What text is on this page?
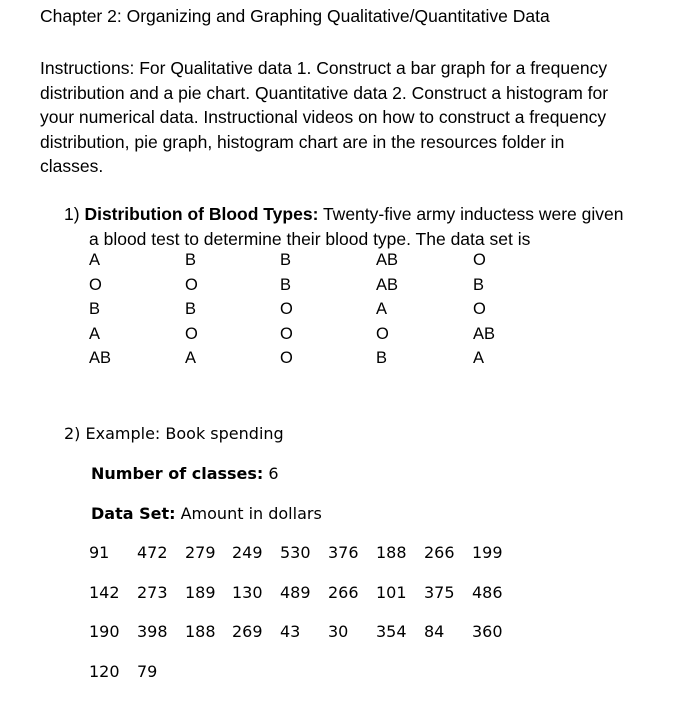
Chapter 2: Organizing and Graphing Qualitative/Quantitative Data
Instructions: For Qualitative data 1. Construct a bar graph for a frequency
distribution and a pie chart. Quantitative data 2. Construct a histogram for
your numerical data. Instructional videos on how to construct a frequency
distribution, pie graph, histogram chart are in the resources folder in
classes.
1) Distribution of Blood Types: Twenty-five army inductess were given
a blood test to determine their blood type. The data set is
A	B	B	AB	O
O	O	B	AB	B
B	B	O	A	O
A	O	O	O	AB
AB	A	O	B	A
2) Example: Book spending
Number of classes: 6
Data Set: Amount in dollars
91 472 279 249 530 376 188 266 199
142 273 189 130 489 266 101 375 486
190 398 188 269 43 30 354 84 360
120 79
